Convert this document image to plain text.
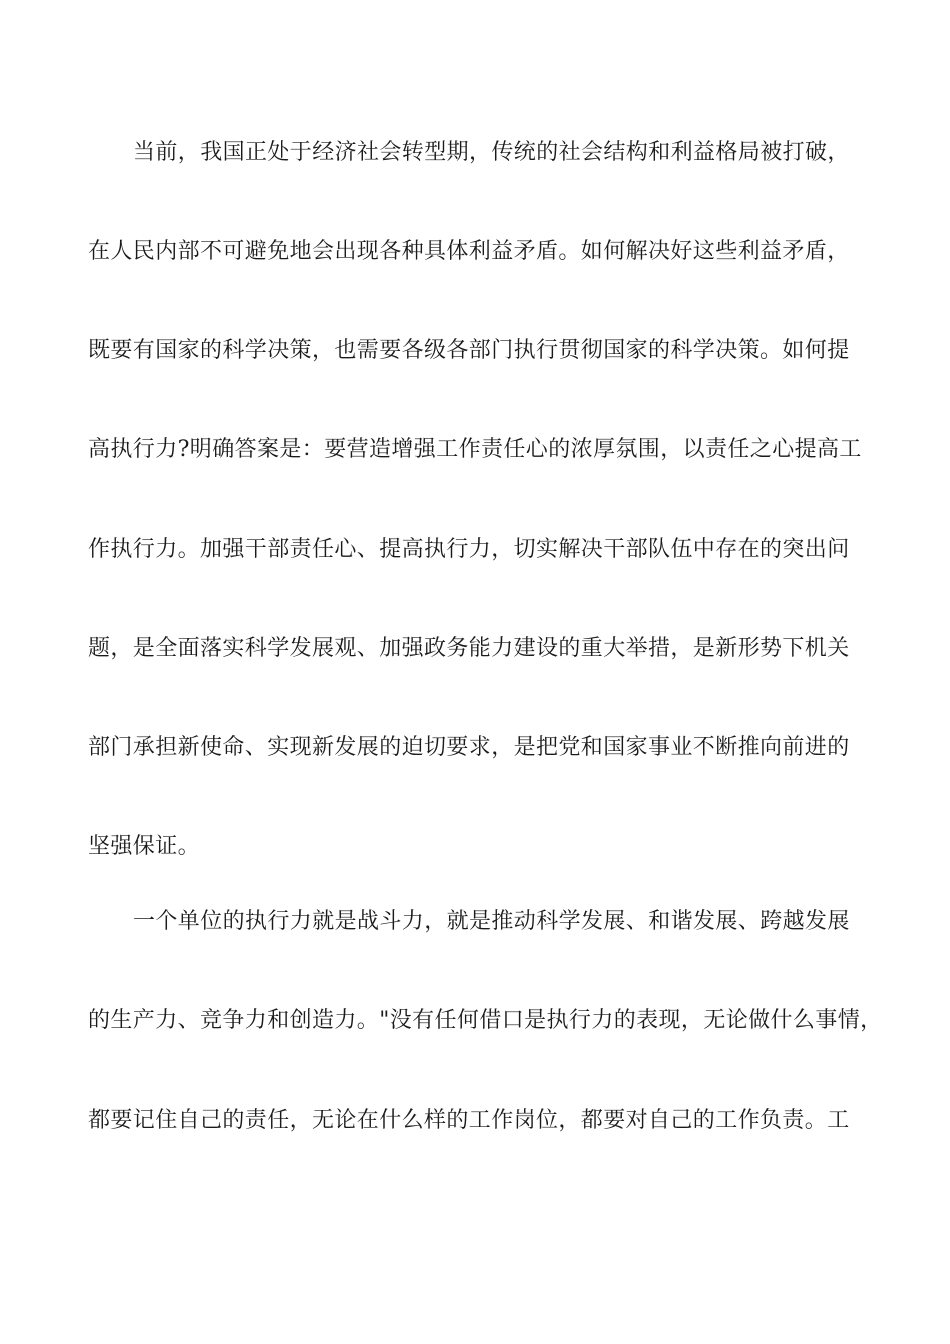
当前，我国正处于经济社会转型期，传统的社会结构和利益格局被打破，
在人民内部不可避免地会出现各种具体利益矛盾。如何解决好这些利益矛盾，
既要有国家的科学决策，也需要各级各部门执行贯彻国家的科学决策。如何提
高执行力?明确答案是：要营造增强工作责任心的浓厚氛围，以责任之心提高工
作执行力。加强干部责任心、提高执行力，切实解决干部队伍中存在的突出问
题，是全面落实科学发展观、加强政务能力建设的重大举措，是新形势下机关
部门承担新使命、实现新发展的迫切要求，是把党和国家事业不断推向前进的
坚强保证。
一个单位的执行力就是战斗力，就是推动科学发展、和谐发展、跨越发展
的生产力、竞争力和创造力。"没有任何借口是执行力的表现，无论做什么事情，
都要记住自己的责任，无论在什么样的工作岗位，都要对自己的工作负责。工
